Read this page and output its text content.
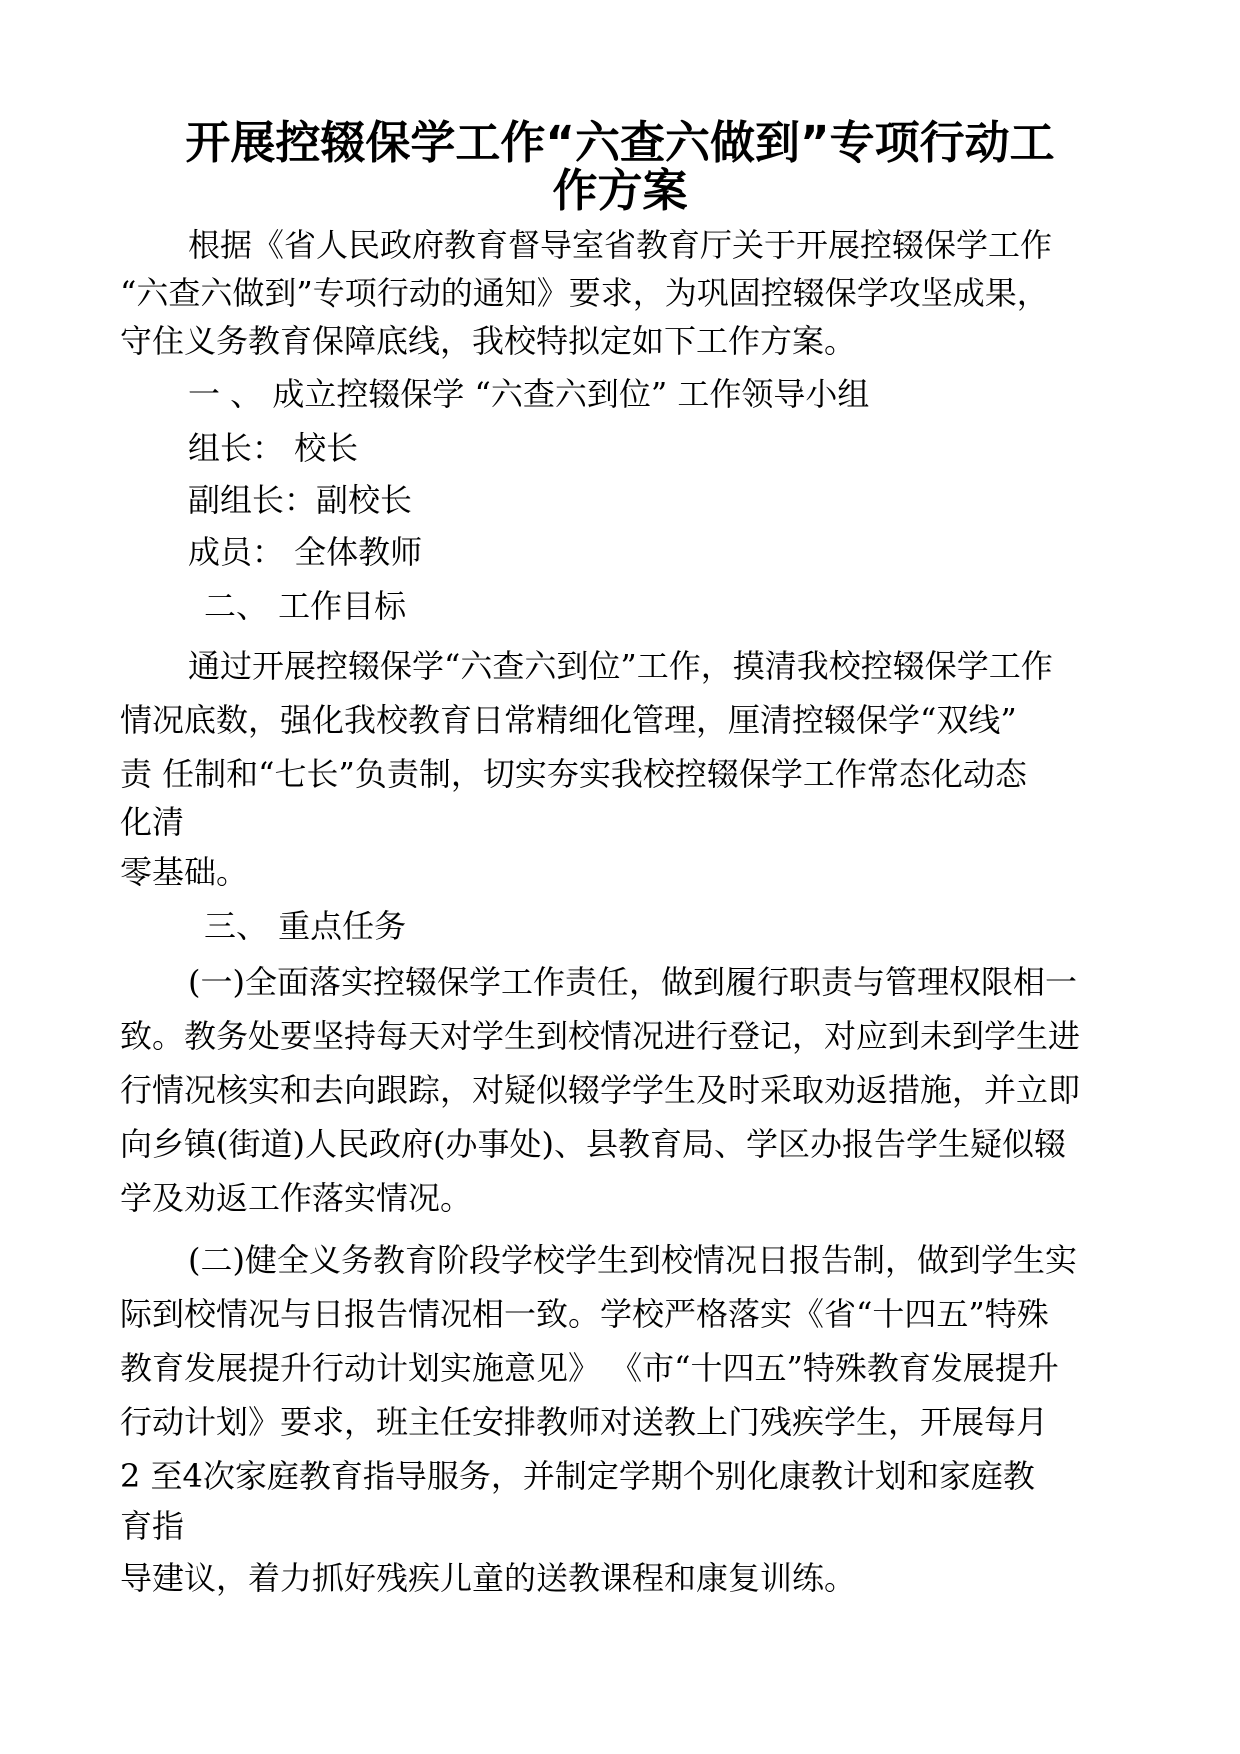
开展控辍保学工作“六查六做到”专项行动工
作方案

根据《省人民政府教育督导室省教育厅关于开展控辍保学工作

“六查六做到”专项行动的通知》要求，为巩固控辍保学攻坚成果，

守住义务教育保障底线，我校特拟定如下工作方案。

一 、 成立控辍保学 “六查六到位” 工作领导小组

组长： 校长

副组长：副校长

成员： 全体教师

二、 工作目标

通过开展控辍保学“六查六到位”工作，摸清我校控辍保学工作

情况底数，强化我校教育日常精细化管理，厘清控辍保学“双线”

责 任制和“七长”负责制，切实夯实我校控辍保学工作常态化动态

化清

零基础。

三、 重点任务

(一)全面落实控辍保学工作责任，做到履行职责与管理权限相一

致。教务处要坚持每天对学生到校情况进行登记，对应到未到学生进

行情况核实和去向跟踪，对疑似辍学学生及时采取劝返措施，并立即

向乡镇(街道)人民政府(办事处)、县教育局、学区办报告学生疑似辍

学及劝返工作落实情况。

(二)健全义务教育阶段学校学生到校情况日报告制，做到学生实

际到校情况与日报告情况相一致。学校严格落实《省“十四五”特殊

教育发展提升行动计划实施意见》 《市“十四五”特殊教育发展提升

行动计划》要求，班主任安排教师对送教上门残疾学生，开展每月

2 至4次家庭教育指导服务，并制定学期个别化康教计划和家庭教

育指

导建议，着力抓好残疾儿童的送教课程和康复训练。
